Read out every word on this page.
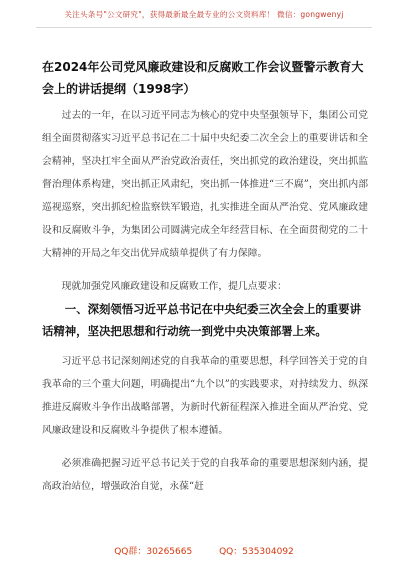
关注头条号"公文研究"，获得最新最全最专业的公文资料库！ 微信：gongwenyj
在2024年公司党风廉政建设和反腐败工作会议暨警示教育大会上的讲话提纲（1998字）

过去的一年，在以习近平同志为核心的党中央坚强领导下，集团公司党组全面贯彻落实习近平总书记在二十届中央纪委二次全会上的重要讲话和全会精神，坚决扛牢全面从严治党政治责任，突出抓党的政治建设，突出抓监督治理体系构建，突出抓正风肃纪，突出抓一体推进“三不腐”，突出抓内部巡视巡察，突出抓纪检监察铁军锻造，扎实推进全面从严治党、党风廉政建设和反腐败斗争，为集团公司圆满完成全年经营目标、在全面贯彻党的二十大精神的开局之年交出优异成绩单提供了有力保障。

现就加强党风廉政建设和反腐败工作，提几点要求：

一、深刻领悟习近平总书记在中央纪委三次全会上的重要讲话精神，坚决把思想和行动统一到党中央决策部署上来。

习近平总书记深刻阐述党的自我革命的重要思想，科学回答关于党的自我革命的三个重大问题，明确提出“九个以”的实践要求，对持续发力、纵深推进反腐败斗争作出战略部署，为新时代新征程深入推进全面从严治党、党风廉政建设和反腐败斗争提供了根本遵循。

必须准确把握习近平总书记关于党的自我革命的重要思想深刻内涵，提高政治站位，增强政治自觉，永葆“赶

QQ群：30265665	QQ：535304092
